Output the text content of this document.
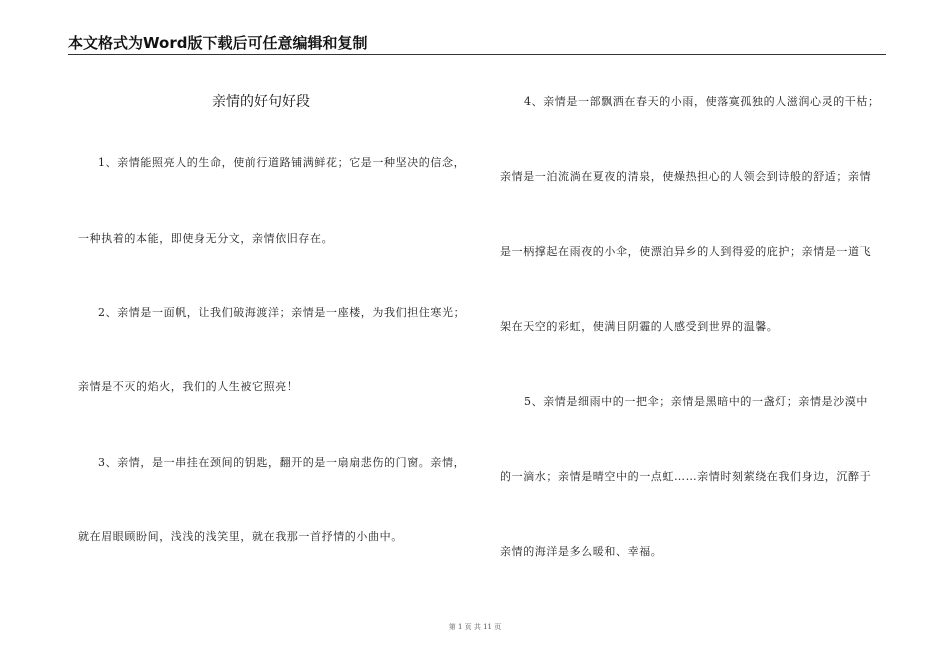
本文格式为Word版下载后可任意编辑和复制
亲情的好句好段
1、亲情能照亮人的生命，使前行道路铺满鲜花；它是一种坚决的信念，
一种执着的本能，即使身无分文，亲情依旧存在。
2、亲情是一面帆，让我们破海渡洋；亲情是一座楼，为我们担住寒光；
亲情是不灭的焰火，我们的人生被它照亮！
3、亲情，是一串挂在颈间的钥匙，翻开的是一扇扇悲伤的门窗。亲情，
就在眉眼顾盼间，浅浅的浅笑里，就在我那一首抒情的小曲中。
4、亲情是一部飘洒在春天的小雨，使落寞孤独的人滋润心灵的干枯；
亲情是一泊流淌在夏夜的清泉，使燥热担心的人领会到诗般的舒适；亲情
是一柄撑起在雨夜的小伞，使漂泊异乡的人到得爱的庇护；亲情是一道飞
架在天空的彩虹，使满目阴霾的人感受到世界的温馨。
5、亲情是细雨中的一把伞；亲情是黑暗中的一盏灯；亲情是沙漠中
的一滴水；亲情是晴空中的一点虹……亲情时刻萦绕在我们身边，沉醉于
亲情的海洋是多么暖和、幸福。
第 1 页 共 11 页
